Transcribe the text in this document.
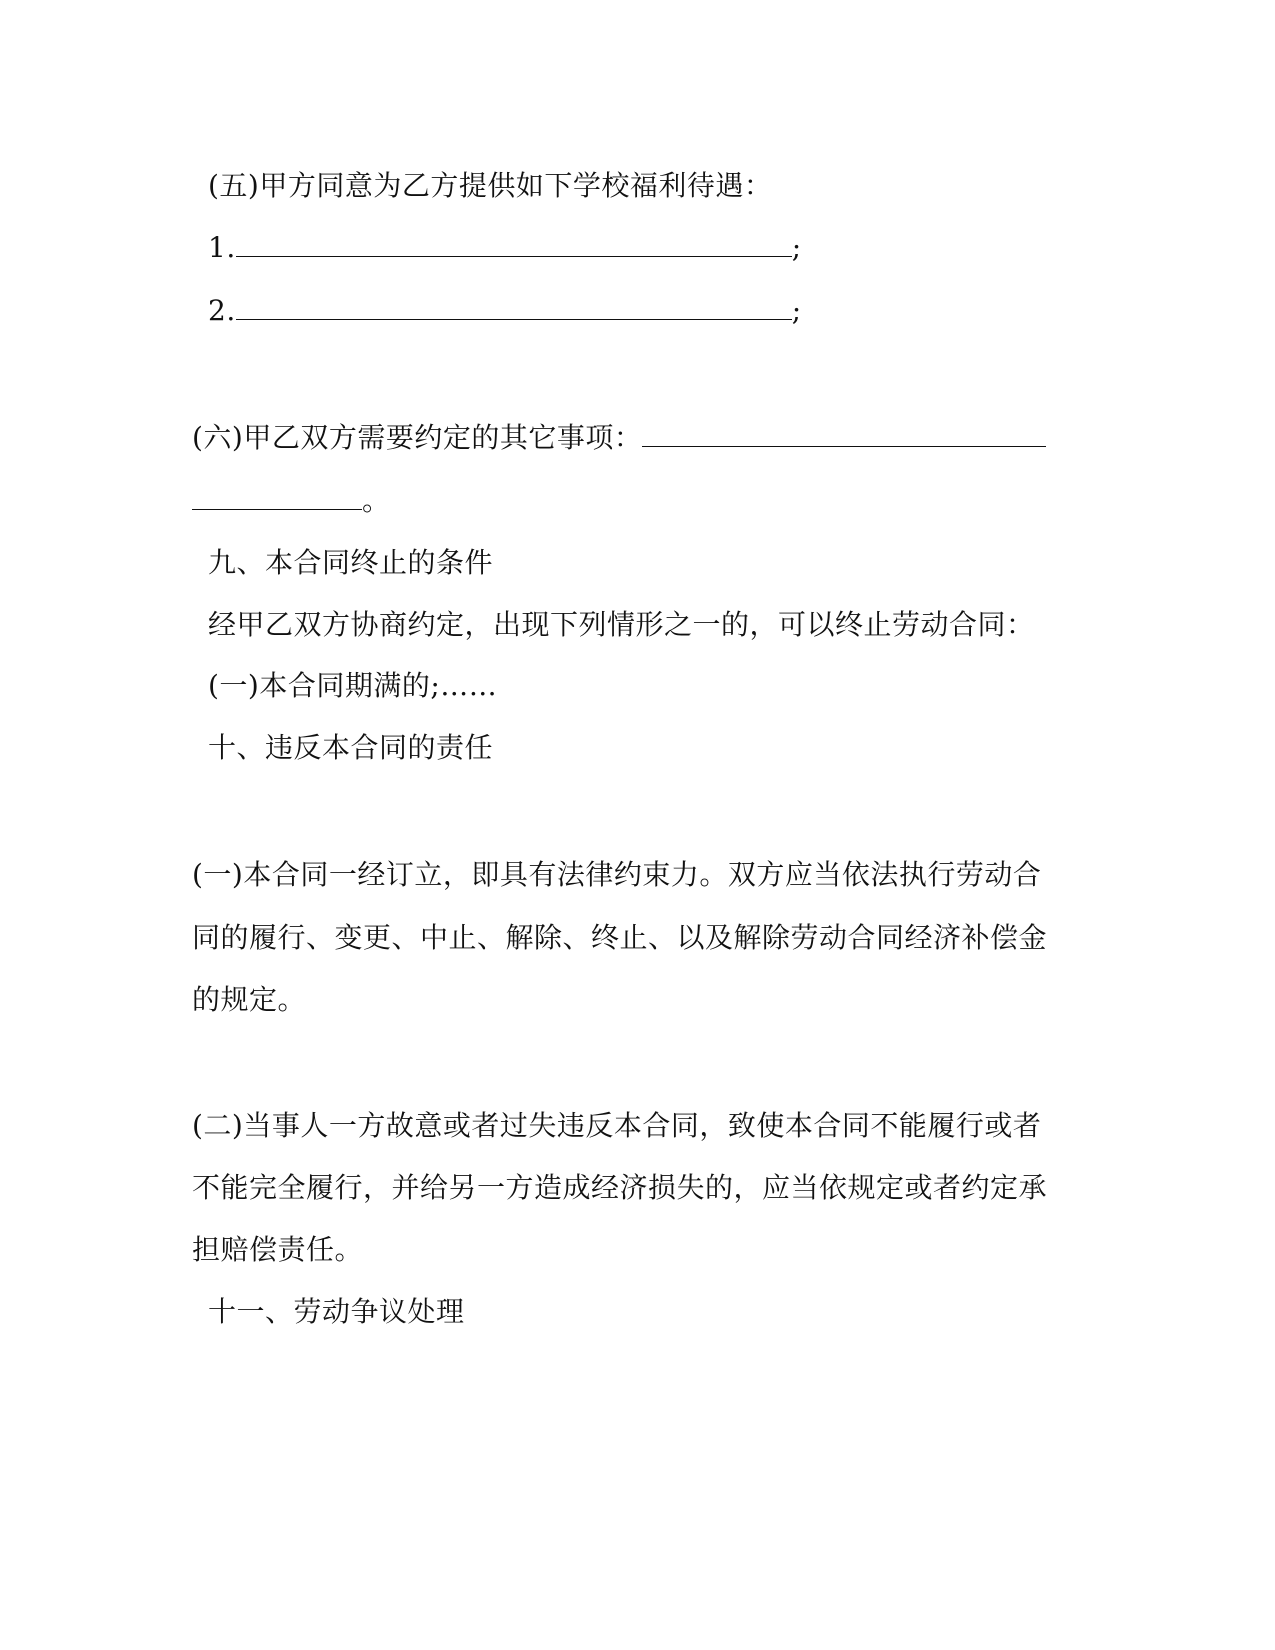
(五)甲方同意为乙方提供如下学校福利待遇：
1.	;
2.	;
(六)甲乙双方需要约定的其它事项：
。
九、本合同终止的条件
经甲乙双方协商约定，出现下列情形之一的，可以终止劳动合同：
(一)本合同期满的;……
十、违反本合同的责任
(一)本合同一经订立，即具有法律约束力。双方应当依法执行劳动合
同的履行、变更、中止、解除、终止、以及解除劳动合同经济补偿金
的规定。
(二)当事人一方故意或者过失违反本合同，致使本合同不能履行或者
不能完全履行，并给另一方造成经济损失的，应当依规定或者约定承
担赔偿责任。
十一、劳动争议处理
